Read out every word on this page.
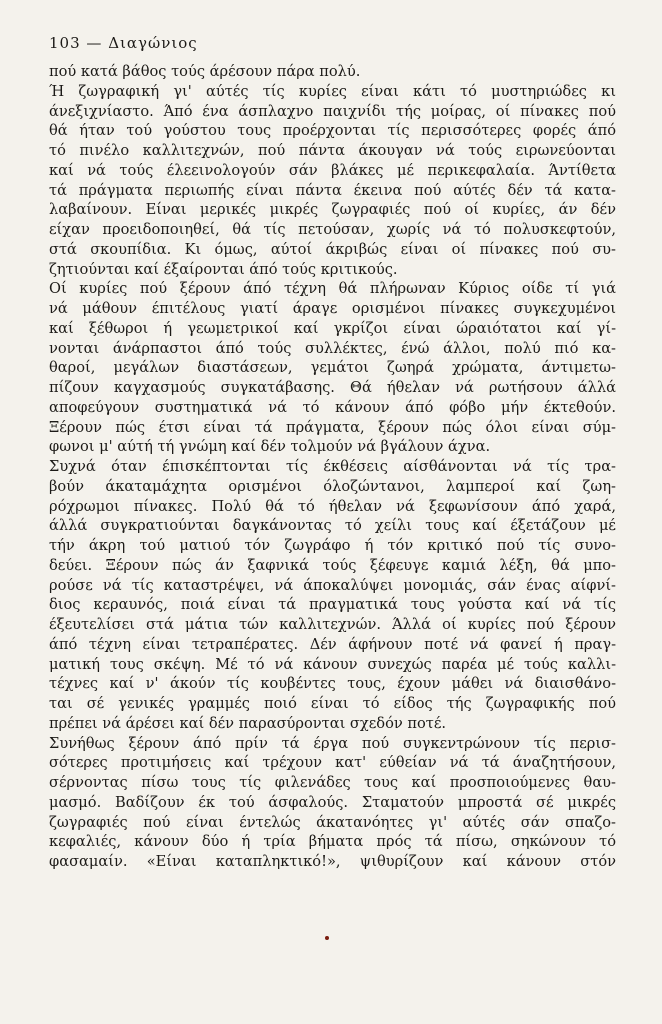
103 — Διαγώνιος
πού κατά βάθος τούς άρέσουν πάρα πολύ.
Ή ζωγραφική γι' αύτές τίς κυρίες είναι κάτι τό μυστηριώδες κι
άνεξιχνίαστο. Άπό ένα άσπλαχνο παιχνίδι τής μοίρας, οί πίνακες πού
θά ήταν τού γούστου τους προέρχονται τίς περισσότερες φορές άπό
τό πινέλο καλλιτεχνών, πού πάντα άκουγαν νά τούς ειρωνεύονται
καί νά τούς έλεεινολογούν σάν βλάκες μέ περικεφαλαία. Άντίθετα
τά πράγματα περιωπής είναι πάντα έκεινα πού αύτές δέν τά κατα-
λαβαίνουν. Είναι μερικές μικρές ζωγραφιές πού οί κυρίες, άν δέν
είχαν προειδοποιηθεί, θά τίς πετούσαν, χωρίς νά τό πολυσκεφτούν,
στά σκουπίδια. Κι όμως, αύτοί άκριβώς είναι οί πίνακες πού συ-
ζητιούνται καί έξαίρονται άπό τούς κριτικούς.
Οί κυρίες πού ξέρουν άπό τέχνη θά πλήρωναν Κύριος οίδε τί γιά
νά μάθουν έπιτέλους γιατί άραγε ορισμένοι πίνακες συγκεχυμένοι
καί ξέθωροι ή γεωμετρικοί καί γκρίζοι είναι ώραιότατοι καί γί-
νονται άνάρπαστοι άπό τούς συλλέκτες, ένώ άλλοι, πολύ πιό κα-
θαροί, μεγάλων διαστάσεων, γεμάτοι ζωηρά χρώματα, άντιμετω-
πίζουν καγχασμούς συγκατάβασης. Θά ήθελαν νά ρωτήσουν άλλά
αποφεύγουν συστηματικά νά τό κάνουν άπό φόβο μήν έκτεθούν.
Ξέρουν πώς έτσι είναι τά πράγματα, ξέρουν πώς όλοι είναι σύμ-
φωνοι μ' αύτή τή γνώμη καί δέν τολμούν νά βγάλουν άχνα.
Συχνά όταν έπισκέπτονται τίς έκθέσεις αίσθάνονται νά τίς τρα-
βούν άκαταμάχητα ορισμένοι όλοζώντανοι, λαμπεροί καί ζωη-
ρόχρωμοι πίνακες. Πολύ θά τό ήθελαν νά ξεφωνίσουν άπό χαρά,
άλλά συγκρατιούνται δαγκάνοντας τό χείλι τους καί έξετάζουν μέ
τήν άκρη τού ματιού τόν ζωγράφο ή τόν κριτικό πού τίς συνο-
δεύει. Ξέρουν πώς άν ξαφνικά τούς ξέφευγε καμιά λέξη, θά μπο-
ρούσε νά τίς καταστρέψει, νά άποκαλύψει μονομιάς, σάν ένας αίφνί-
διος κεραυνός, ποιά είναι τά πραγματικά τους γούστα καί νά τίς
έξευτελίσει στά μάτια τών καλλιτεχνών. Άλλά οί κυρίες πού ξέρουν
άπό τέχνη είναι τετραπέρατες. Δέν άφήνουν ποτέ νά φανεί ή πραγ-
ματική τους σκέψη. Μέ τό νά κάνουν συνεχώς παρέα μέ τούς καλλι-
τέχνες καί ν' άκούν τίς κουβέντες τους, έχουν μάθει νά διαισθάνο-
ται σέ γενικές γραμμές ποιό είναι τό είδος τής ζωγραφικής πού
πρέπει νά άρέσει καί δέν παρασύρονται σχεδόν ποτέ.
Συνήθως ξέρουν άπό πρίν τά έργα πού συγκεντρώνουν τίς περισ-
σότερες προτιμήσεις καί τρέχουν κατ' εύθείαν νά τά άναζητήσουν,
σέρνοντας πίσω τους τίς φιλενάδες τους καί προσποιούμενες θαυ-
μασμό. Βαδίζουν έκ τού άσφαλούς. Σταματούν μπροστά σέ μικρές
ζωγραφιές πού είναι έντελώς άκατανόητες γι' αύτές σάν σπαζο-
κεφαλιές, κάνουν δύο ή τρία βήματα πρός τά πίσω, σηκώνουν τό
φασαμαίν. «Είναι καταπληκτικό!», ψιθυρίζουν καί κάνουν στόν
